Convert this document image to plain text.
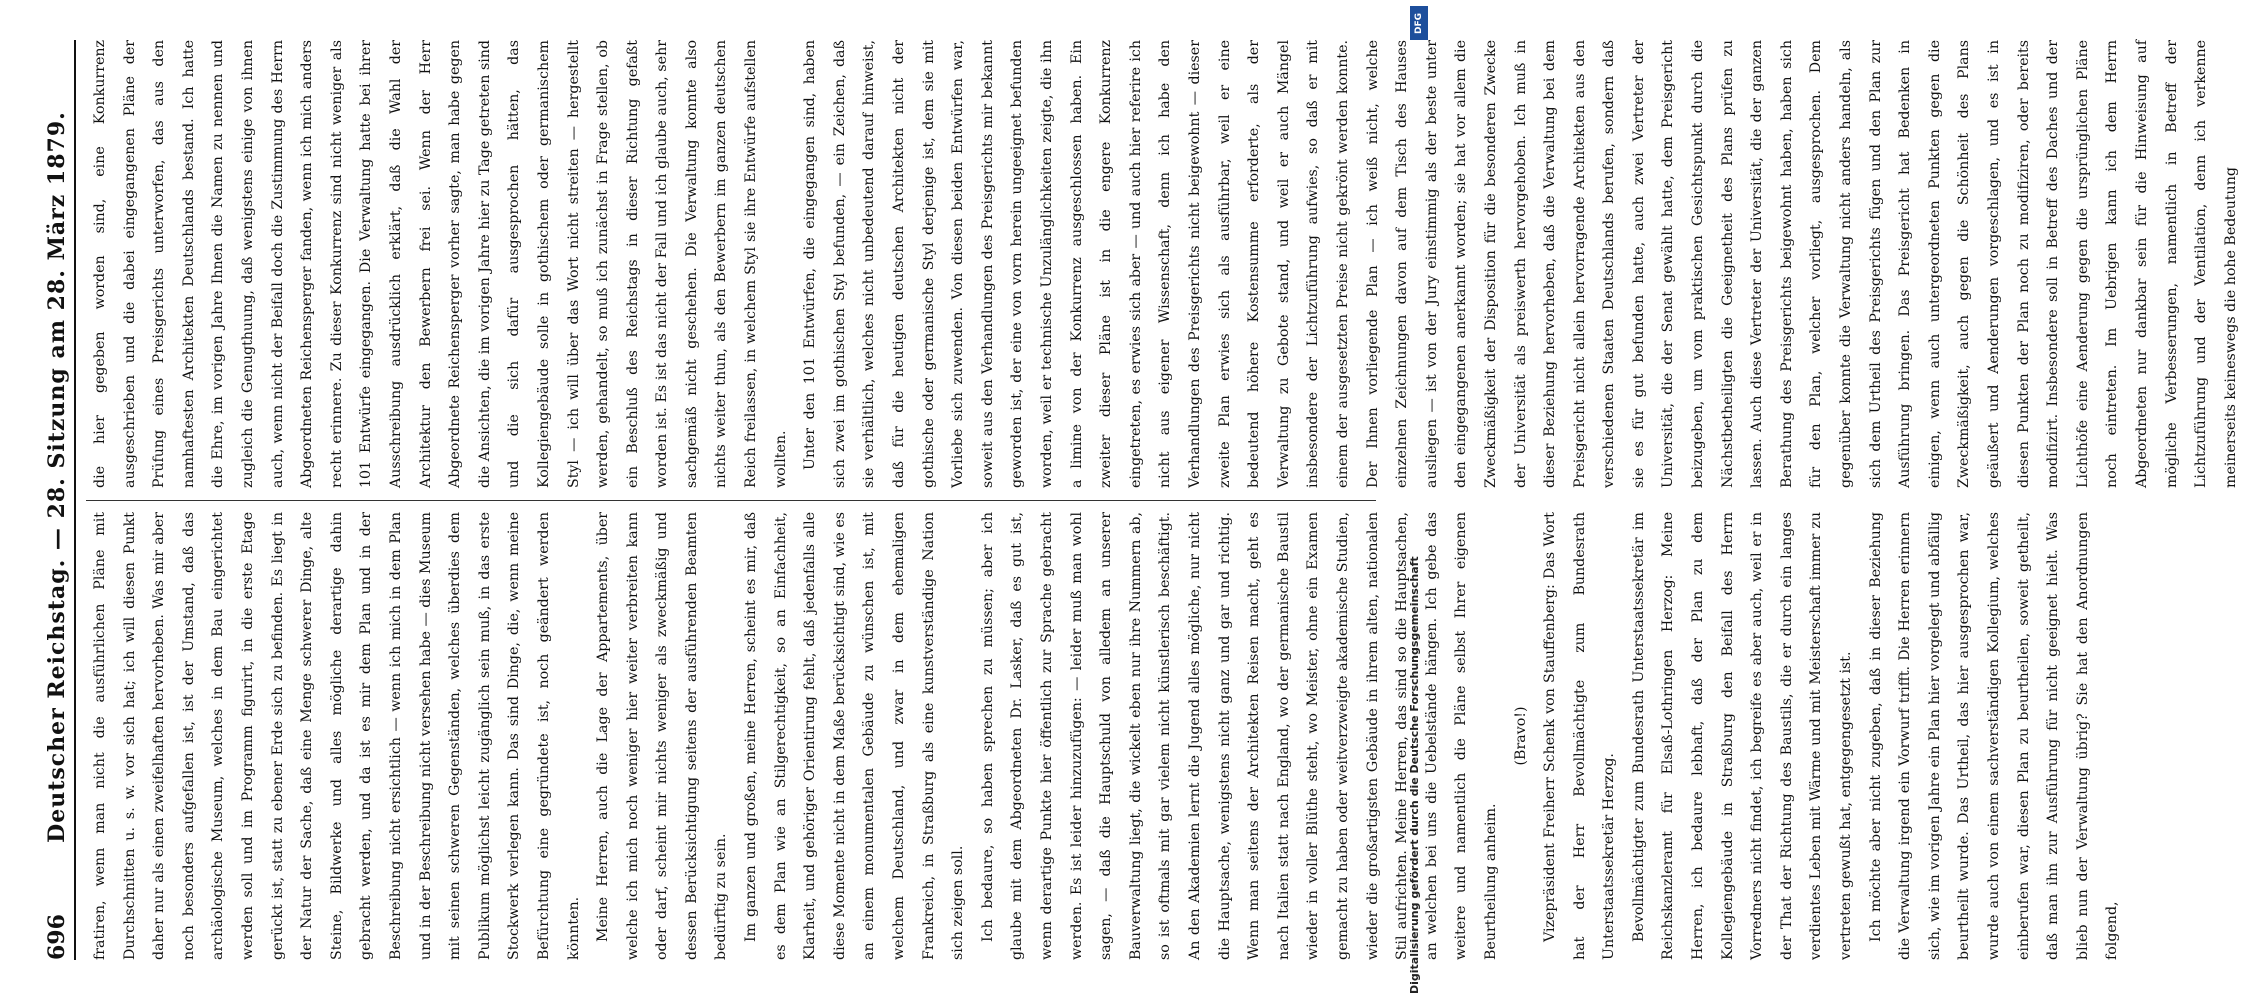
696
Deutscher Reichstag. — 28. Sitzung am 28. März 1879.	fratiren, wenn man nicht die ausführlichen Pläne mit Durchschnitten u. s. w. vor sich hat; ich will diesen Punkt daher nur als einen zweifelhaften hervorheben. Was mir aber noch besonders aufgefallen ist, ist der Umstand, daß das archäologische Museum, welches in dem Bau eingerichtet werden soll und im Programm figurirt, in die erste Etage gerückt ist, statt zu ebener Erde sich zu befinden. Es liegt in der Natur der Sache, daß eine Menge schwerer Dinge, alte Steine, Bildwerke und alles mögliche derartige dahin gebracht werden, und da ist es mir dem Plan und in der Beschreibung nicht ersichtlich — wenn ich mich in dem Plan und in der Beschreibung nicht versehen habe — dies Museum mit seinen schweren Gegenständen, welches überdies dem Publikum möglichst leicht zugänglich sein muß, in das erste Stockwerk verlegen kann. Das sind Dinge, die, wenn meine Befürchtung eine gegründete ist, noch geändert werden könnten. Meine Herren, auch die Lage der Appartements, über welche ich mich noch weniger hier weiter verbreiten kann oder darf, scheint mir nichts weniger als zweckmäßig und dessen Berücksichtigung seitens der ausführenden Beamten bedürftig zu sein. Im ganzen und großen, meine Herren, scheint es mir, daß es dem Plan wie an Stilgerechtigkeit, so an Einfachheit, Klarheit, und gehöriger Orientirung fehlt, daß jedenfalls alle diese Momente nicht in dem Maße berücksichtigt sind, wie es an einem monumentalen Gebäude zu wünschen ist, mit welchem Deutschland, und zwar in dem ehemaligen Frankreich, in Straßburg als eine kunstverständige Nation sich zeigen soll. Ich bedaure, so haben sprechen zu müssen; aber ich glaube mit dem Abgeordneten Dr. Lasker, daß es gut ist, wenn derartige Punkte hier öffentlich zur Sprache gebracht werden. Es ist leider hinzuzufügen: — leider muß man wohl sagen, — daß die Hauptschuld von alledem an unserer Bauverwaltung liegt, die wickelt eben nur ihre Nummern ab, so ist oftmals mit gar vielem nicht künstlerisch beschäftigt. An den Akademien lernt die Jugend alles mögliche, nur nicht die Hauptsache, wenigstens nicht ganz und gar und richtig. Wenn man seitens der Architekten Reisen macht, geht es nach Italien statt nach England, wo der germanische Baustil wieder in voller Blüthe steht, wo Meister, ohne ein Examen gemacht zu haben oder weitverzweigte akademische Studien, wieder die großartigsten Gebäude in ihrem alten, nationalen Stil aufrichten. Meine Herren, das sind so die Hauptsachen, an welchen bei uns die Uebelstände hängen. Ich gebe das weitere und namentlich die Pläne selbst Ihrer eigenen Beurtheilung anheim.

(Bravo!) Vizepräsident Freiherr Schenk von Stauffenberg: Das Wort hat der Herr Bevollmächtigte zum Bundesrath Unterstaatssekretär Herzog. Bevollmächtigter zum Bundesrath Unterstaatssekretär im Reichskanzleramt für Elsaß-Lothringen Herzog: Meine Herren, ich bedaure lebhaft, daß der Plan zu dem Kollegiengebäude in Straßburg den Beifall des Herrn Vorredners nicht findet, ich begreife es aber auch, weil er in der That der Richtung des Baustils, die er durch ein langes verdientes Leben mit Wärme und mit Meisterschaft immer zu vertreten gewußt hat, entgegengesetzt ist. Ich möchte aber nicht zugeben, daß in dieser Beziehung die Verwaltung irgend ein Vorwurf trifft. Die Herren erinnern sich, wie im vorigen Jahre ein Plan hier vorgelegt und abfällig beurtheilt wurde. Das Urtheil, das hier ausgesprochen war, wurde auch von einem sachverständigen Kollegium, welches einberufen war, diesen Plan zu beurtheilen, soweit getheilt, daß man ihn zur Ausführung für nicht geeignet hielt. Was blieb nun der Verwaltung übrig? Sie hat den Anordnungen folgend,

die hier gegeben worden sind, eine Konkurrenz ausgeschrieben und die dabei eingegangenen Pläne der Prüfung eines Preisgerichts unterworfen, das aus den namhaftesten Architekten Deutschlands bestand. Ich hatte die Ehre, im vorigen Jahre Ihnen die Namen zu nennen und zugleich die Genugthuung, daß wenigstens einige von ihnen auch, wenn nicht der Beifall doch die Zustimmung des Herrn Abgeordneten Reichensperger fanden, wenn ich mich anders recht erinnere. Zu dieser Konkurrenz sind nicht weniger als 101 Entwürfe eingegangen. Die Verwaltung hatte bei ihrer Ausschreibung ausdrücklich erklärt, daß die Wahl der Architektur den Bewerbern frei sei. Wenn der Herr Abgeordnete Reichensperger vorher sagte, man habe gegen die Ansichten, die im vorigen Jahre hier zu Tage getreten sind und die sich dafür ausgesprochen hätten, das Kollegiengebäude solle in gothischem oder germanischem Styl — ich will über das Wort nicht streiten — hergestellt werden, gehandelt, so muß ich zunächst in Frage stellen, ob ein Beschluß des Reichstags in dieser Richtung gefaßt worden ist. Es ist das nicht der Fall und ich glaube auch, sehr sachgemäß nicht geschehen. Die Verwaltung konnte also nichts weiter thun, als den Bewerbern im ganzen deutschen Reich freilassen, in welchem Styl sie ihre Entwürfe aufstellen wollten. Unter den 101 Entwürfen, die eingegangen sind, haben sich zwei im gothischen Styl befunden, — ein Zeichen, daß sie verhältlich, welches nicht unbedeutend darauf hinweist, daß für die heutigen deutschen Architekten nicht der gothische oder germanische Styl derjenige ist, dem sie mit Vorliebe sich zuwenden. Von diesen beiden Entwürfen war, soweit aus den Verhandlungen des Preisgerichts mir bekannt geworden ist, der eine von vorn herein ungeeignet befunden worden, weil er technische Unzulänglichkeiten zeigte, die ihn a limine von der Konkurrenz ausgeschlossen haben. Ein zweiter dieser Pläne ist in die engere Konkurrenz eingetreten, es erwies sich aber — und auch hier referire ich nicht aus eigener Wissenschaft, denn ich habe den Verhandlungen des Preisgerichts nicht beigewohnt — dieser zweite Plan erwies sich als ausführbar, weil er eine bedeutend höhere Kostensumme erforderte, als der Verwaltung zu Gebote stand, und weil er auch Mängel insbesondere der Lichtzuführung aufwies, so daß er mit einem der ausgesetzten Preise nicht gekrönt werden konnte. Der Ihnen vorliegende Plan — ich weiß nicht, welche einzelnen Zeichnungen davon auf dem Tisch des Hauses ausliegen — ist von der Jury einstimmig als der beste unter den eingegangenen anerkannt worden; sie hat vor allem die Zweckmäßigkeit der Disposition für die besonderen Zwecke der Universität als preiswerth hervorgehoben. Ich muß in dieser Beziehung hervorheben, daß die Verwaltung bei dem Preisgericht nicht allein hervorragende Architekten aus den verschiedenen Staaten Deutschlands berufen, sondern daß sie es für gut befunden hatte, auch zwei Vertreter der Universität, die der Senat gewählt hatte, dem Preisgericht beizugeben, um vom praktischen Gesichtspunkt durch die Nächstbetheiligten die Geeignetheit des Plans prüfen zu lassen. Auch diese Vertreter der Universität, die der ganzen Berathung des Preisgerichts beigewohnt haben, haben sich für den Plan, welcher vorliegt, ausgesprochen. Dem gegenüber konnte die Verwaltung nicht anders handeln, als sich dem Urtheil des Preisgerichts fügen und den Plan zur Ausführung bringen. Das Preisgericht hat Bedenken in einigen, wenn auch untergeordneten Punkten gegen die Zweckmäßigkeit, auch gegen die Schönheit des Plans geäußert und Aenderungen vorgeschlagen, und es ist in diesen Punkten der Plan noch zu modifiziren, oder bereits modifizirt. Insbesondere soll in Betreff des Daches und der Lichthöfe eine Aenderung gegen die ursprünglichen Pläne noch eintreten. Im Uebrigen kann ich dem Herrn Abgeordneten nur dankbar sein für die Hinweisung auf mögliche Verbesserungen, namentlich in Betreff der Lichtzuführung und der Ventilation, denn ich verkenne meinerseits keineswegs die hohe Bedeutung

Digitalisierung gefördert durch die Deutsche Forschungsgemeinschaft
DFG
